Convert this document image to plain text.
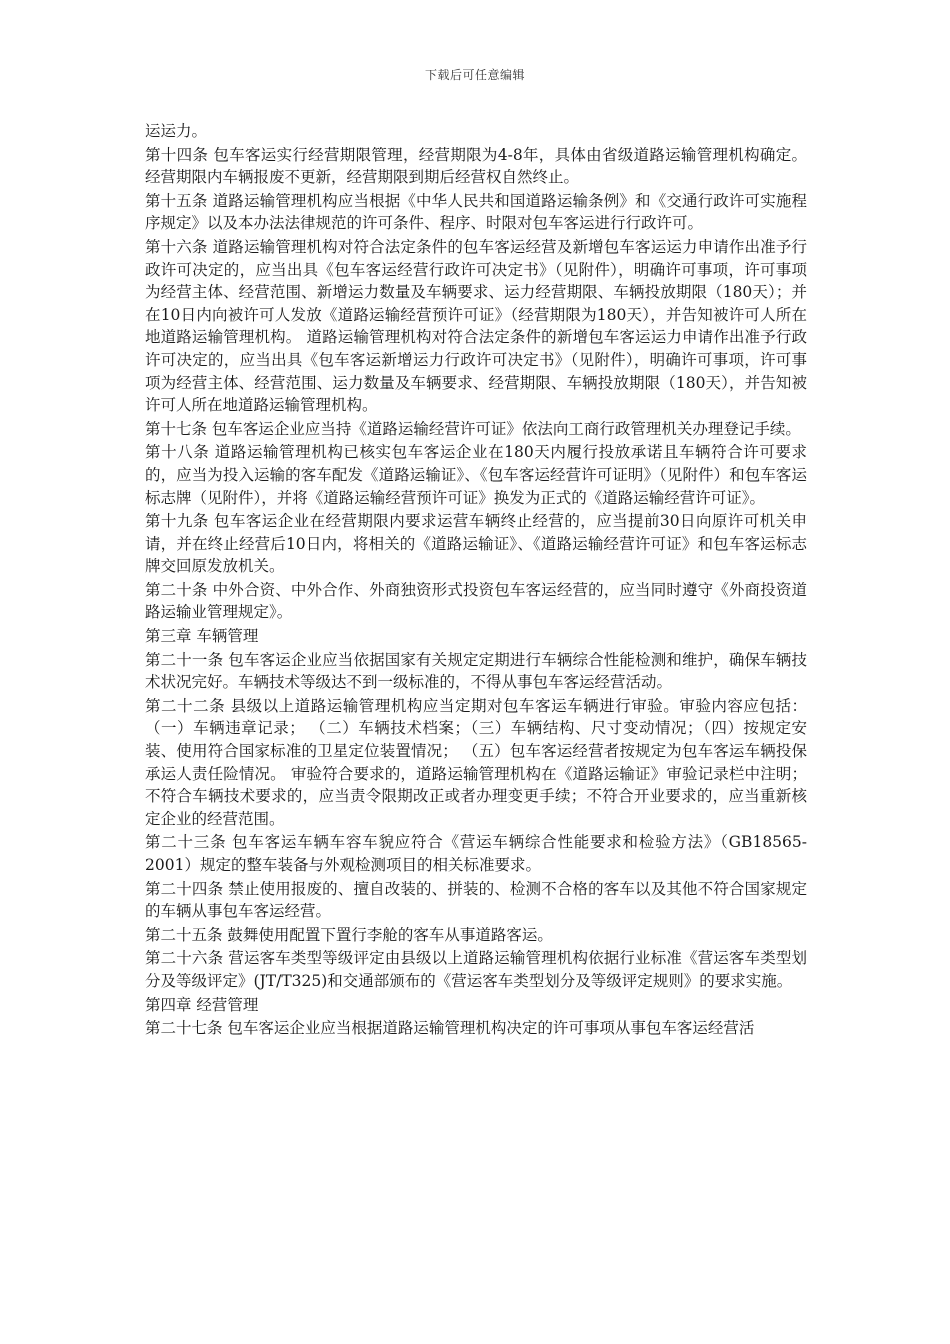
下载后可任意编辑

运运力。

第十四条 包车客运实行经营期限管理，经营期限为4-8年，具体由省级道路运输管理机构确定。经营期限内车辆报废不更新，经营期限到期后经营权自然终止。

第十五条 道路运输管理机构应当根据《中华人民共和国道路运输条例》和《交通行政许可实施程序规定》以及本办法法律规范的许可条件、程序、时限对包车客运进行行政许可。

第十六条 道路运输管理机构对符合法定条件的包车客运经营及新增包车客运运力申请作出准予行政许可决定的，应当出具《包车客运经营行政许可决定书》（见附件），明确许可事项，许可事项为经营主体、经营范围、新增运力数量及车辆要求、运力经营期限、车辆投放期限（180天）；并在10日内向被许可人发放《道路运输经营预许可证》（经营期限为180天），并告知被许可人所在地道路运输管理机构。 道路运输管理机构对符合法定条件的新增包车客运运力申请作出准予行政许可决定的，应当出具《包车客运新增运力行政许可决定书》（见附件），明确许可事项，许可事项为经营主体、经营范围、运力数量及车辆要求、经营期限、车辆投放期限（180天），并告知被许可人所在地道路运输管理机构。

第十七条 包车客运企业应当持《道路运输经营许可证》依法向工商行政管理机关办理登记手续。

第十八条 道路运输管理机构已核实包车客运企业在180天内履行投放承诺且车辆符合许可要求的，应当为投入运输的客车配发《道路运输证》、《包车客运经营许可证明》（见附件）和包车客运标志牌（见附件），并将《道路运输经营预许可证》换发为正式的《道路运输经营许可证》。

第十九条 包车客运企业在经营期限内要求运营车辆终止经营的，应当提前30日向原许可机关申请，并在终止经营后10日内，将相关的《道路运输证》、《道路运输经营许可证》和包车客运标志牌交回原发放机关。

第二十条 中外合资、中外合作、外商独资形式投资包车客运经营的，应当同时遵守《外商投资道路运输业管理规定》。

第三章 车辆管理

第二十一条 包车客运企业应当依据国家有关规定定期进行车辆综合性能检测和维护，确保车辆技术状况完好。车辆技术等级达不到一级标准的，不得从事包车客运经营活动。

第二十二条 县级以上道路运输管理机构应当定期对包车客运车辆进行审验。审验内容应包括： （一）车辆违章记录； （二）车辆技术档案；（三）车辆结构、尺寸变动情况；（四）按规定安装、使用符合国家标准的卫星定位装置情况； （五）包车客运经营者按规定为包车客运车辆投保承运人责任险情况。 审验符合要求的，道路运输管理机构在《道路运输证》审验记录栏中注明；不符合车辆技术要求的，应当责令限期改正或者办理变更手续；不符合开业要求的，应当重新核定企业的经营范围。

第二十三条 包车客运车辆车容车貌应符合《营运车辆综合性能要求和检验方法》（GB18565-2001）规定的整车装备与外观检测项目的相关标准要求。

第二十四条 禁止使用报废的、擅自改装的、拼装的、检测不合格的客车以及其他不符合国家规定的车辆从事包车客运经营。

第二十五条 鼓舞使用配置下置行李舱的客车从事道路客运。

第二十六条 营运客车类型等级评定由县级以上道路运输管理机构依据行业标准《营运客车类型划分及等级评定》(JT/T325)和交通部颁布的《营运客车类型划分及等级评定规则》的要求实施。

第四章 经营管理

第二十七条 包车客运企业应当根据道路运输管理机构决定的许可事项从事包车客运经营活
